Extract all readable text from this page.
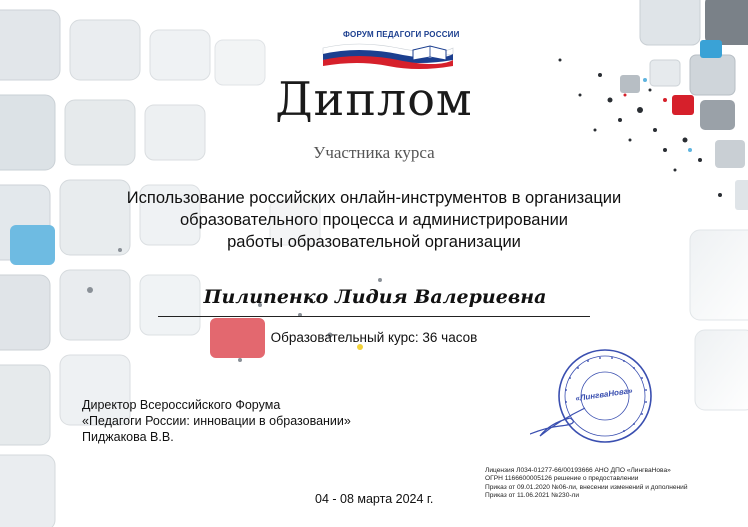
ФОРУМ ПЕДАГОГИ РОССИИ
Диплом
Участника курса
Использование российских онлайн-инструментов в организации
образовательного процесса и администрировании
работы образовательной организации
Пилипенко Лидия Валериевна
Образовательный курс: 36 часов
Директор Всероссийского Форума
«Педагоги России: инновации в образовании»
Пиджакова В.В.
«ЛингваНова»
Лицензия Л034-01277-66/00193666 АНО ДПО «ЛингваНова»
ОГРН 1166600005126 решение о предоставлении
Приказ от 09.01.2020 №06-ли, внесении изменений и дополнений
Приказ от 11.06.2021 №230-ли
04 - 08 марта 2024 г.
